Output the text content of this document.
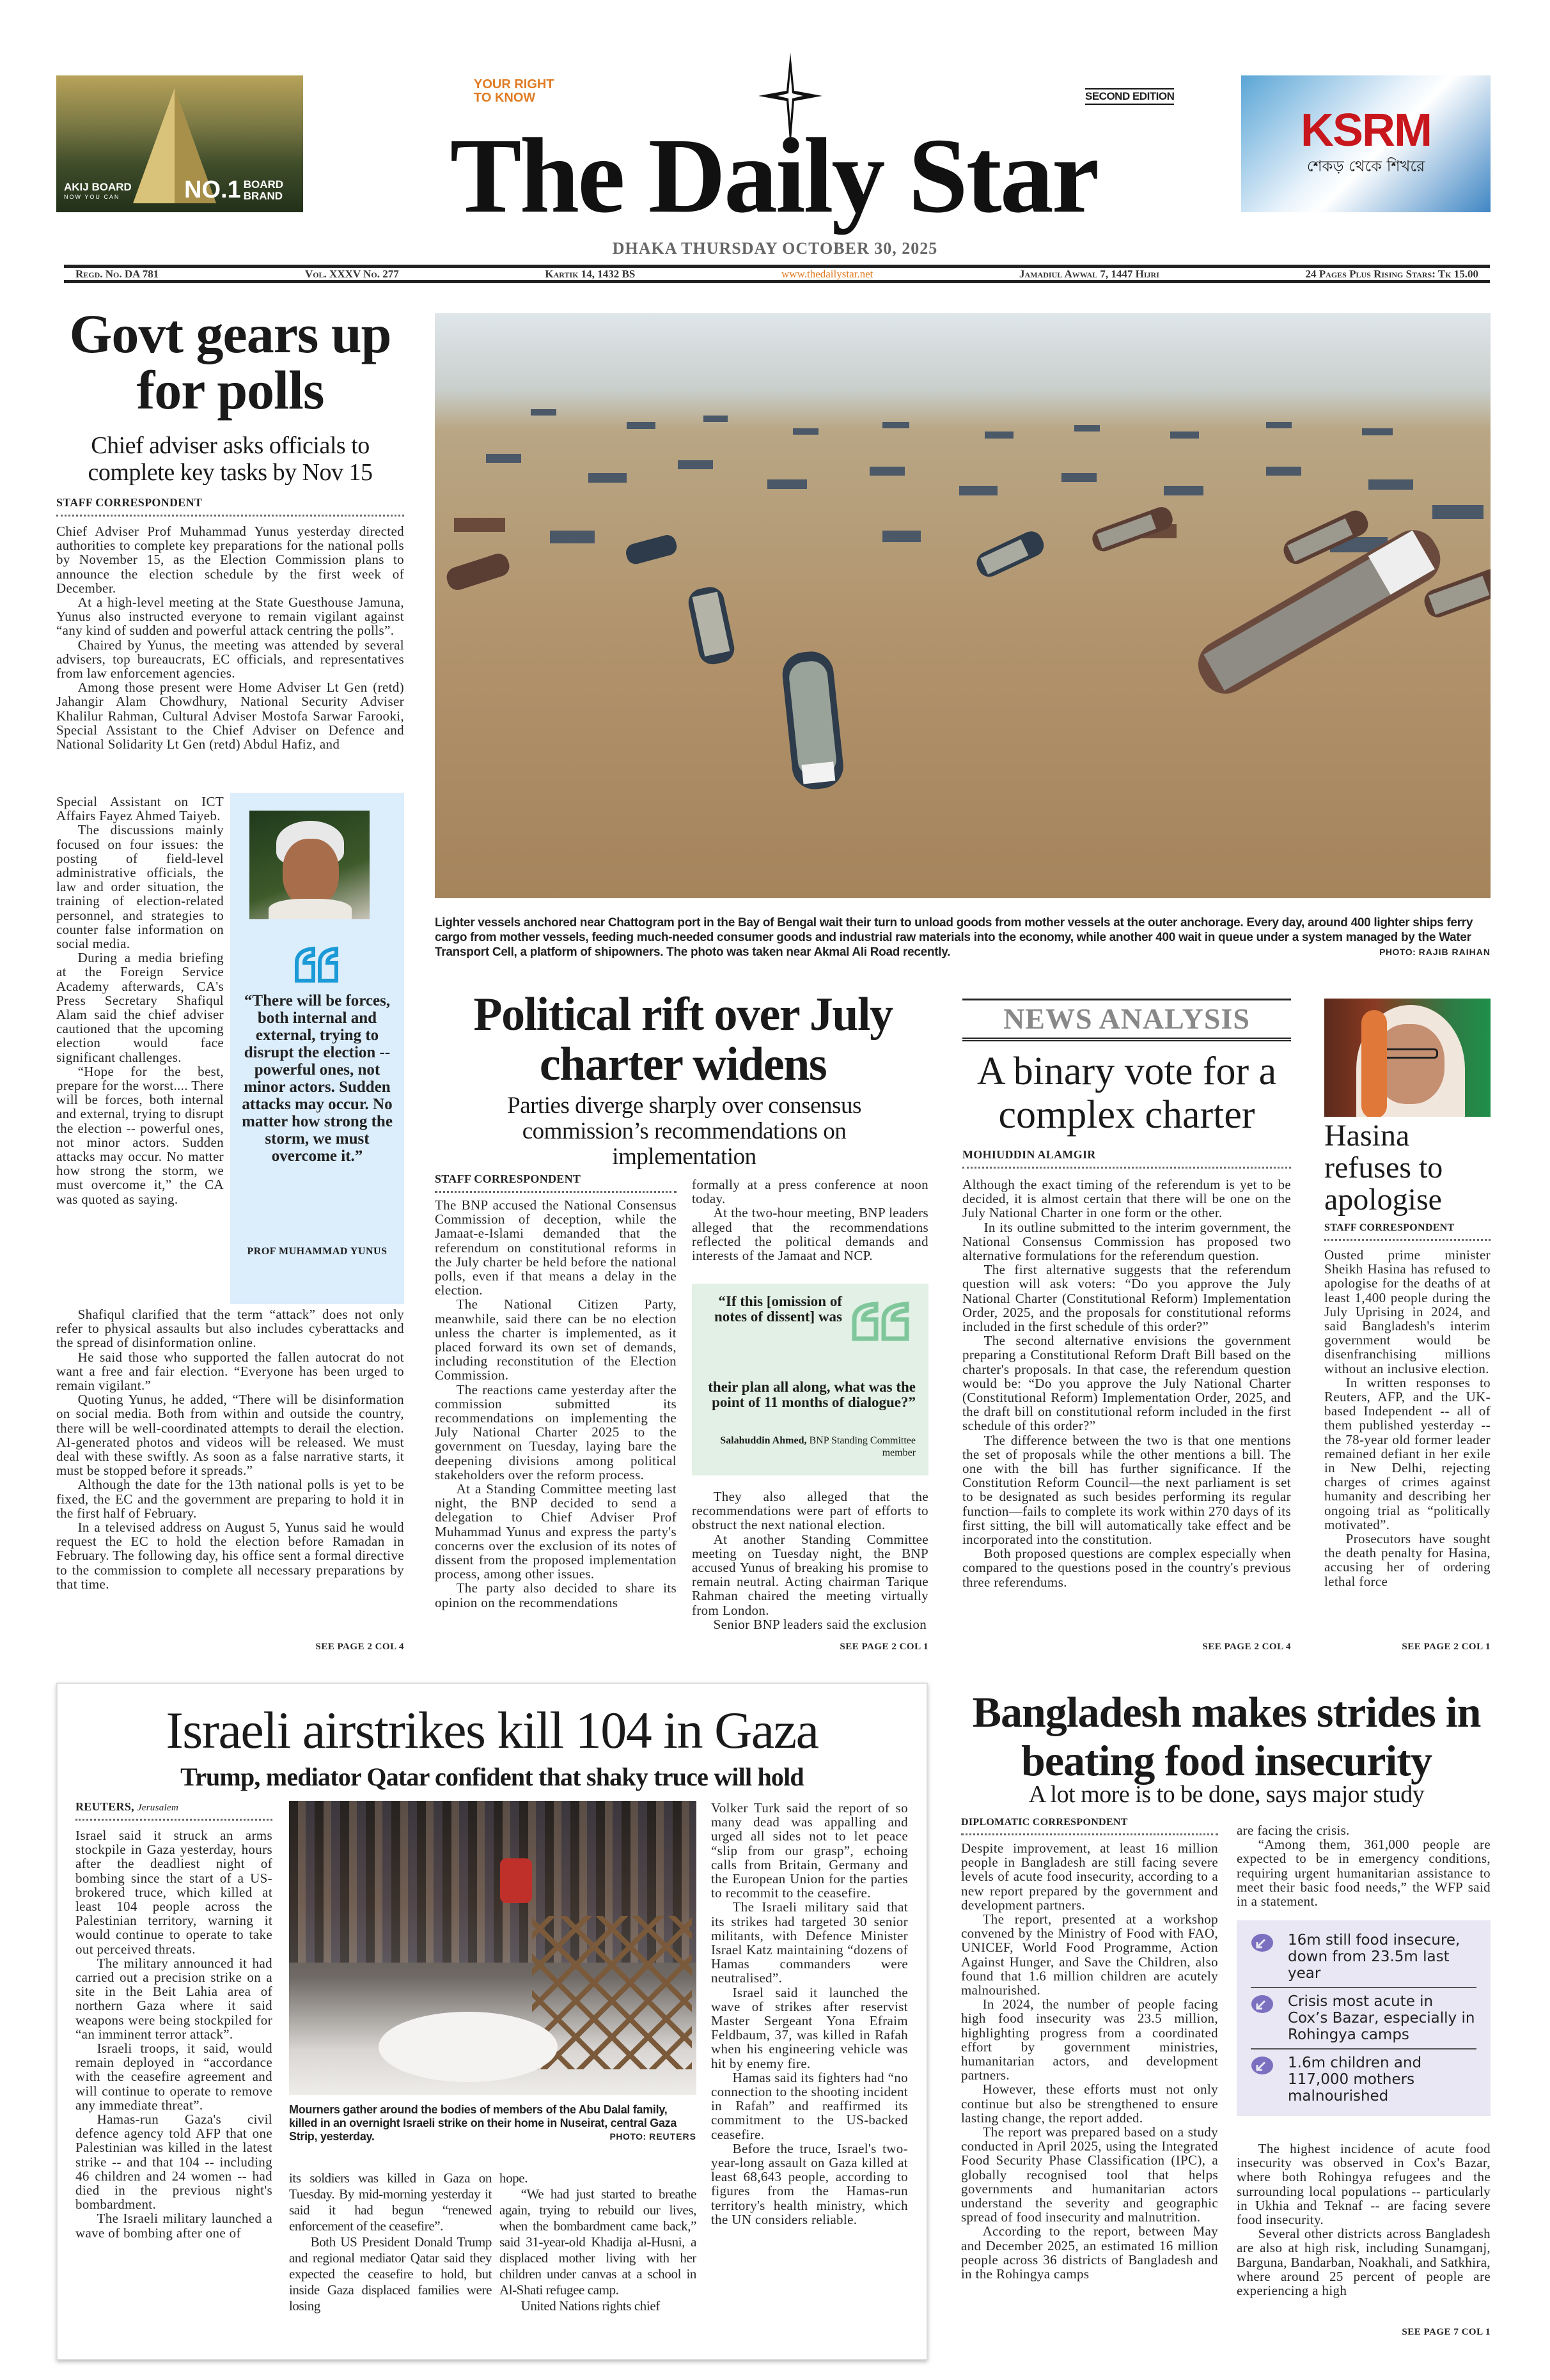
AKIJ BOARD
NOW YOU CAN	NO.1 BOARD
BRAND
YOUR RIGHT
TO KNOW
The Daily Star
SECOND EDITION
KSRM
শেকড় থেকে শিখরে
DHAKA THURSDAY OCTOBER 30, 2025
Regd. No. DA 781	Vol. XXXV No. 277	Kartik 14, 1432 BS	www.thedailystar.net	Jamadiul Awwal 7, 1447 Hijri	24 Pages Plus Rising Stars: Tk 15.00
Govt gears up for polls
Chief adviser asks officials to complete key tasks by Nov 15
STAFF CORRESPONDENT

Chief Adviser Prof Muhammad Yunus yesterday directed authorities to complete key preparations for the national polls by November 15, as the Election Commission plans to announce the election schedule by the first week of December.

At a high-level meeting at the State Guesthouse Jamuna, Yunus also instructed everyone to remain vigilant against “any kind of sudden and powerful attack centring the polls”.

Chaired by Yunus, the meeting was attended by several advisers, top bureaucrats, EC officials, and representatives from law enforcement agencies.

Among those present were Home Adviser Lt Gen (retd) Jahangir Alam Chowdhury, National Security Adviser Khalilur Rahman, Cultural Adviser Mostofa Sarwar Farooki, Special Assistant to the Chief Adviser on Defence and National Solidarity Lt Gen (retd) Abdul Hafiz, and

Special Assistant on ICT Affairs Fayez Ahmed Taiyeb.

The discussions mainly focused on four issues: the posting of field-level administrative officials, the law and order situation, the training of election-related personnel, and strategies to counter false information on social media.

During a media briefing at the Foreign Service Academy afterwards, CA's Press Secretary Shafiqul Alam said the chief adviser cautioned that the upcoming election would face significant challenges.

“Hope for the best, prepare for the worst.... There will be forces, both internal and external, trying to disrupt the election -- powerful ones, not minor actors. Sudden attacks may occur. No matter how strong the storm, we must overcome it,” the CA was quoted as saying.

“There will be forces, both internal and external, trying to disrupt the election -- powerful ones, not minor actors. Sudden attacks may occur. No matter how strong the storm, we must overcome it.”
PROF MUHAMMAD YUNUS

Shafiqul clarified that the term “attack” does not only refer to physical assaults but also includes cyberattacks and the spread of disinformation online.

He said those who supported the fallen autocrat do not want a free and fair election. “Everyone has been urged to remain vigilant.”

Quoting Yunus, he added, “There will be disinformation on social media. Both from within and outside the country, there will be well-coordinated attempts to derail the election. AI-generated photos and videos will be released. We must deal with these swiftly. As soon as a false narrative starts, it must be stopped before it spreads.”

Although the date for the 13th national polls is yet to be fixed, the EC and the government are preparing to hold it in the first half of February.

In a televised address on August 5, Yunus said he would request the EC to hold the election before Ramadan in February. The following day, his office sent a formal directive to the commission to complete all necessary preparations by that time.

SEE PAGE 2 COL 4
Lighter vessels anchored near Chattogram port in the Bay of Bengal wait their turn to unload goods from mother vessels at the outer anchorage. Every day, around 400 lighter ships ferry cargo from mother vessels, feeding much-needed consumer goods and industrial raw materials into the economy, while another 400 wait in queue under a system managed by the Water Transport Cell, a platform of shipowners. The photo was taken near Akmal Ali Road recently.	PHOTO: RAJIB RAIHAN
Political rift over July charter widens
Parties diverge sharply over consensus commission’s recommendations on implementation
STAFF CORRESPONDENT

The BNP accused the National Consensus Commission of deception, while the Jamaat-e-Islami demanded that the referendum on constitutional reforms in the July charter be held before the national polls, even if that means a delay in the election.

The National Citizen Party, meanwhile, said there can be no election unless the charter is implemented, as it placed forward its own set of demands, including reconstitution of the Election Commission.

The reactions came yesterday after the commission submitted its recommendations on implementing the July National Charter 2025 to the government on Tuesday, laying bare the deepening divisions among political stakeholders over the reform process.

At a Standing Committee meeting last night, the BNP decided to send a delegation to Chief Adviser Prof Muhammad Yunus and express the party's concerns over the exclusion of its notes of dissent from the proposed implementation process, among other issues.

The party also decided to share its opinion on the recommendations

formally at a press conference at noon today.

At the two-hour meeting, BNP leaders alleged that the recommendations reflected the political demands and interests of the Jamaat and NCP.

“If this [omission of notes of dissent] was
their plan all along, what was the point of 11 months of dialogue?”
Salahuddin Ahmed, BNP Standing Committee member

They also alleged that the recommendations were part of efforts to obstruct the next national election.

At another Standing Committee meeting on Tuesday night, the BNP accused Yunus of breaking his promise to remain neutral. Acting chairman Tarique Rahman chaired the meeting virtually from London.

Senior BNP leaders said the exclusion

SEE PAGE 2 COL 1
NEWS ANALYSIS
A binary vote for a complex charter
MOHIUDDIN ALAMGIR

Although the exact timing of the referendum is yet to be decided, it is almost certain that there will be one on the July National Charter in one form or the other.

In its outline submitted to the interim government, the National Consensus Commission has proposed two alternative formulations for the referendum question.

The first alternative suggests that the referendum question will ask voters: “Do you approve the July National Charter (Constitutional Reform) Implementation Order, 2025, and the proposals for constitutional reforms included in the first schedule of this order?”

The second alternative envisions the government preparing a Constitutional Reform Draft Bill based on the charter's proposals. In that case, the referendum question would be: “Do you approve the July National Charter (Constitutional Reform) Implementation Order, 2025, and the draft bill on constitutional reform included in the first schedule of this order?”

The difference between the two is that one mentions the set of proposals while the other mentions a bill. The one with the bill has further significance. If the Constitution Reform Council—the next parliament is set to be designated as such besides performing its regular function—fails to complete its work within 270 days of its first sitting, the bill will automatically take effect and be incorporated into the constitution.

Both proposed questions are complex especially when compared to the questions posed in the country's previous three referendums.

SEE PAGE 2 COL 4
Hasina refuses to apologise
STAFF CORRESPONDENT

Ousted prime minister Sheikh Hasina has refused to apologise for the deaths of at least 1,400 people during the July Uprising in 2024, and said Bangladesh's interim government would be disenfranchising millions without an inclusive election.

In written responses to Reuters, AFP, and the UK-based Independent -- all of them published yesterday -- the 78-year old former leader remained defiant in her exile in New Delhi, rejecting charges of crimes against humanity and describing her ongoing trial as “politically motivated”.

Prosecutors have sought the death penalty for Hasina, accusing her of ordering lethal force

SEE PAGE 2 COL 1
Israeli airstrikes kill 104 in Gaza
Trump, mediator Qatar confident that shaky truce will hold
REUTERS, Jerusalem

Israel said it struck an arms stockpile in Gaza yesterday, hours after the deadliest night of bombing since the start of a US-brokered truce, which killed at least 104 people across the Palestinian territory, warning it would continue to operate to take out perceived threats.

The military announced it had carried out a precision strike on a site in the Beit Lahia area of northern Gaza where it said weapons were being stockpiled for “an imminent terror attack”.

Israeli troops, it said, would remain deployed in “accordance with the ceasefire agreement and will continue to operate to remove any immediate threat”.

Hamas-run Gaza's civil defence agency told AFP that one Palestinian was killed in the latest strike -- and that 104 -- including 46 children and 24 women -- had died in the previous night's bombardment.

The Israeli military launched a wave of bombing after one of

Mourners gather around the bodies of members of the Abu Dalal family, killed in an overnight Israeli strike on their home in Nuseirat, central Gaza Strip, yesterday.	PHOTO: REUTERS

its soldiers was killed in Gaza on Tuesday. By mid-morning yesterday it said it had begun “renewed enforcement of the ceasefire”.

Both US President Donald Trump and regional mediator Qatar said they expected the ceasefire to hold, but inside Gaza displaced families were losing

hope.

“We had just started to breathe again, trying to rebuild our lives, when the bombardment came back,” said 31-year-old Khadija al-Husni, a displaced mother living with her children under canvas at a school in Al-Shati refugee camp.

United Nations rights chief

Volker Turk said the report of so many dead was appalling and urged all sides not to let peace “slip from our grasp”, echoing calls from Britain, Germany and the European Union for the parties to recommit to the ceasefire.

The Israeli military said that its strikes had targeted 30 senior militants, with Defence Minister Israel Katz maintaining “dozens of Hamas commanders were neutralised”.

Israel said it launched the wave of strikes after reservist Master Sergeant Yona Efraim Feldbaum, 37, was killed in Rafah when his engineering vehicle was hit by enemy fire.

Hamas said its fighters had “no connection to the shooting incident in Rafah” and reaffirmed its commitment to the US-backed ceasefire.

Before the truce, Israel's two-year-long assault on Gaza killed at least 68,643 people, according to figures from the Hamas-run territory's health ministry, which the UN considers reliable.

Bangladesh makes strides in beating food insecurity
A lot more is to be done, says major study
DIPLOMATIC CORRESPONDENT

Despite improvement, at least 16 million people in Bangladesh are still facing severe levels of acute food insecurity, according to a new report prepared by the government and development partners.

The report, presented at a workshop convened by the Ministry of Food with FAO, UNICEF, World Food Programme, Action Against Hunger, and Save the Children, also found that 1.6 million children are acutely malnourished.

In 2024, the number of people facing high food insecurity was 23.5 million, highlighting progress from a coordinated effort by government ministries, humanitarian actors, and development partners.

However, these efforts must not only continue but also be strengthened to ensure lasting change, the report added.

The report was prepared based on a study conducted in April 2025, using the Integrated Food Security Phase Classification (IPC), a globally recognised tool that helps governments and humanitarian actors understand the severity and geographic spread of food insecurity and malnutrition.

According to the report, between May and December 2025, an estimated 16 million people across 36 districts of Bangladesh and in the Rohingya camps

are facing the crisis.

“Among them, 361,000 people are expected to be in emergency conditions, requiring urgent humanitarian assistance to meet their basic food needs,” the WFP said in a statement.

16m still food insecure, down from 23.5m last year
Crisis most acute in Cox’s Bazar, especially in Rohingya camps
1.6m children and 117,000 mothers malnourished

The highest incidence of acute food insecurity was observed in Cox's Bazar, where both Rohingya refugees and the surrounding local populations -- particularly in Ukhia and Teknaf -- are facing severe food insecurity.

Several other districts across Bangladesh are also at high risk, including Sunamganj, Barguna, Bandarban, Noakhali, and Satkhira, where around 25 percent of people are experiencing a high

SEE PAGE 7 COL 1
